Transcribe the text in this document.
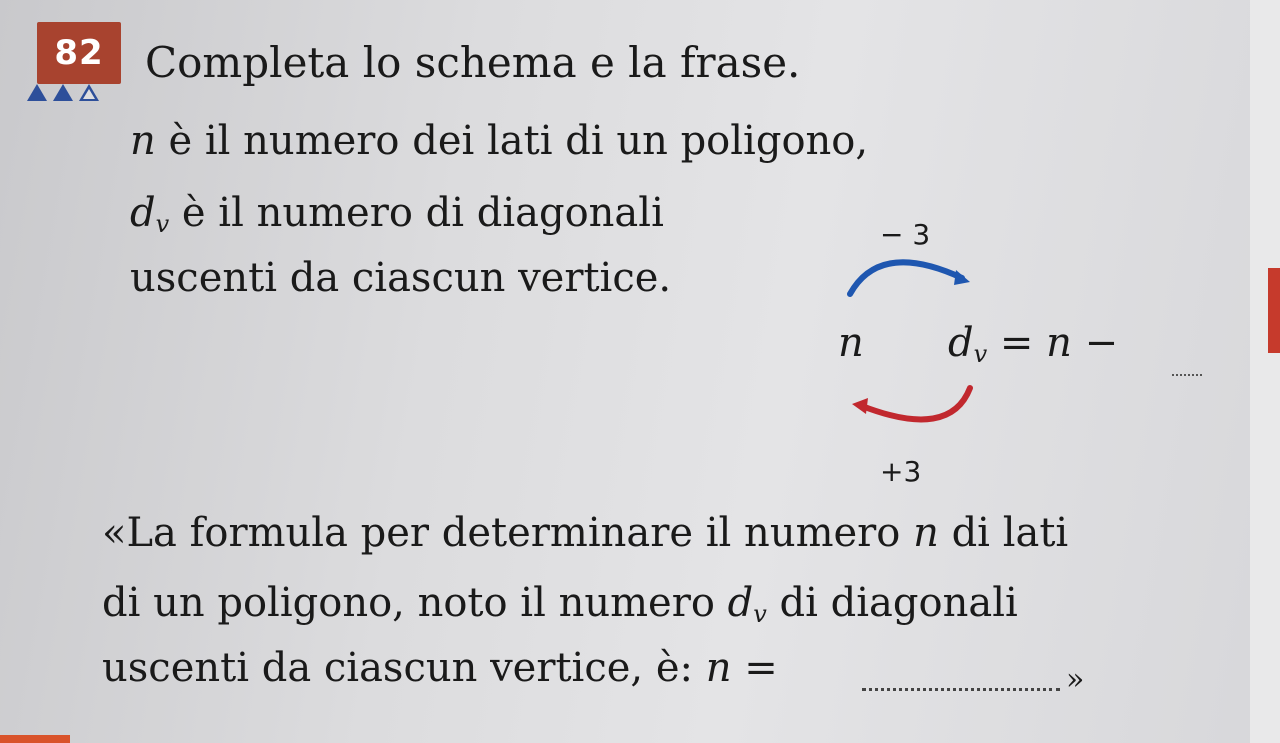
82 Completa lo schema e la frase.
n è il numero dei lati di un poligono,
$d_v$ è il numero di diagonali
uscenti da ciascun vertice.
− 3
n $d_v = n$ −
+3
«La formula per determinare il numero n di lati
di un poligono, noto il numero $d_v$ di diagonali
uscenti da ciascun vertice, è: n =	»
